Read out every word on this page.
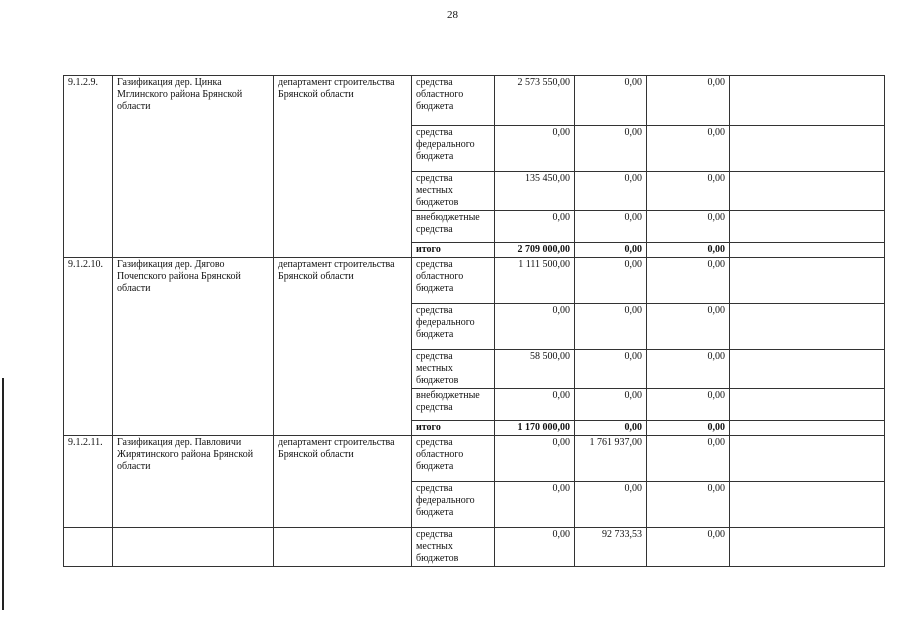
28
9.1.2.9.	Газификация дер. Цинка Мглинского района Брянской области	департамент строительства Брянской области	средства областного бюджета	2 573 550,00	0,00	0,00	
			средства федерального бюджета	0,00	0,00	0,00	
			средства местных бюджетов	135 450,00	0,00	0,00	
			внебюджетные средства	0,00	0,00	0,00	
			итого	2 709 000,00	0,00	0,00	
9.1.2.10.	Газификация дер. Дягово Почепского района Брянской области	департамент строительства Брянской области	средства областного бюджета	1 111 500,00	0,00	0,00	
			средства федерального бюджета	0,00	0,00	0,00	
			средства местных бюджетов	58 500,00	0,00	0,00	
			внебюджетные средства	0,00	0,00	0,00	
			итого	1 170 000,00	0,00	0,00	
9.1.2.11.	Газификация дер. Павловичи Жирятинского района Брянской области	департамент строительства Брянской области	средства областного бюджета	0,00	1 761 937,00	0,00	
			средства федерального бюджета	0,00	0,00	0,00	
			средства местных бюджетов	0,00	92 733,53	0,00	
